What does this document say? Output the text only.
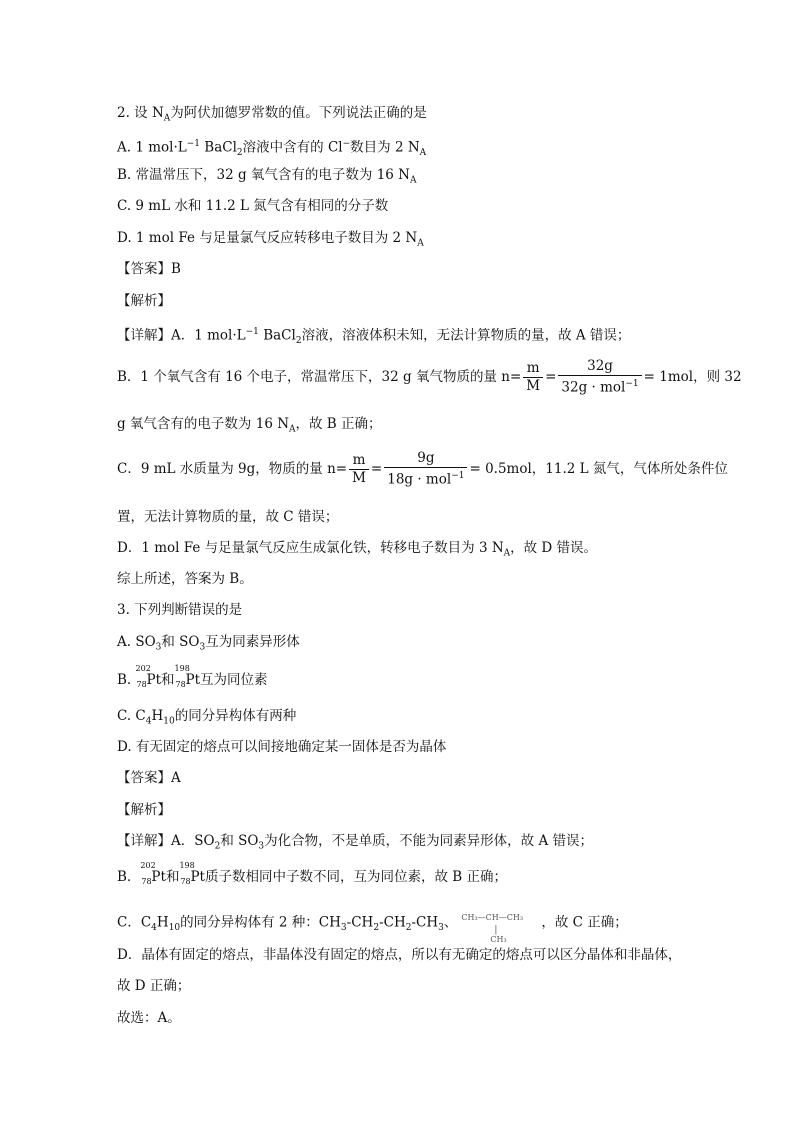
2. 设 $N_A$为阿伏加德罗常数的值。下列说法正确的是
A. 1 $mol\cdot L^{-1}$ BaCl$_2$溶液中含有的 Cl−数目为 2 $N_A$
B. 常温常压下，32 g 氧气含有的电子数为 16 $N_A$
C. 9 mL 水和 11.2 L 氮气含有相同的分子数
D. 1 mol Fe 与足量氯气反应转移电子数目为 2 $N_A$
【答案】B
【解析】
【详解】A．1 $mol\cdot L^{-1}$ BaCl$_2$溶液，溶液体积未知，无法计算物质的量，故 A 错误；
B．1 个氧气含有 16 个电子，常温常压下，32 g 氧气物质的量 $n= \frac{m}{M} = \frac{32g}{32g \cdot mol^{-1}} = 1mol$，则 32
g 氧气含有的电子数为 16 $N_A$，故 B 正确；
C．9 mL 水质量为 9g，物质的量 $n= \frac{m}{M} = \frac{9g}{18g \cdot mol^{-1}} = 0.5mol$，11.2 L 氮气，气体所处条件位
置，无法计算物质的量，故 C 错误；
D．1 mol Fe 与足量氯气反应生成氯化铁，转移电子数目为 3 $N_A$，故 D 错误。
综上所述，答案为 B。
3. 下列判断错误的是
A. $SO_3$和 $SO_3$互为同素异形体
B.
202
78 Pt和
198
78 Pt互为同位素
C. $C_4H_{10}$的同分异构体有两种
D. 有无固定的熔点可以间接地确定某一固体是否为晶体
【答案】A
【解析】
【详解】A．$SO_2$和 $SO_3$为化合物，不是单质，不能为同素异形体，故 A 错误；
B．
202
78 Pt和
198
78 Pt质子数相同中子数不同，互为同位素，故 B 正确；
C．$C_4H_{10}$的同分异构体有 2 种：$CH_3-CH_2-CH_2-CH_3$、 CH₃—CH—CH₃
|
CH₃
，故 C 正确；
D．晶体有固定的熔点，非晶体没有固定的熔点，所以有无确定的熔点可以区分晶体和非晶体，
故 D 正确；
故选：A。
